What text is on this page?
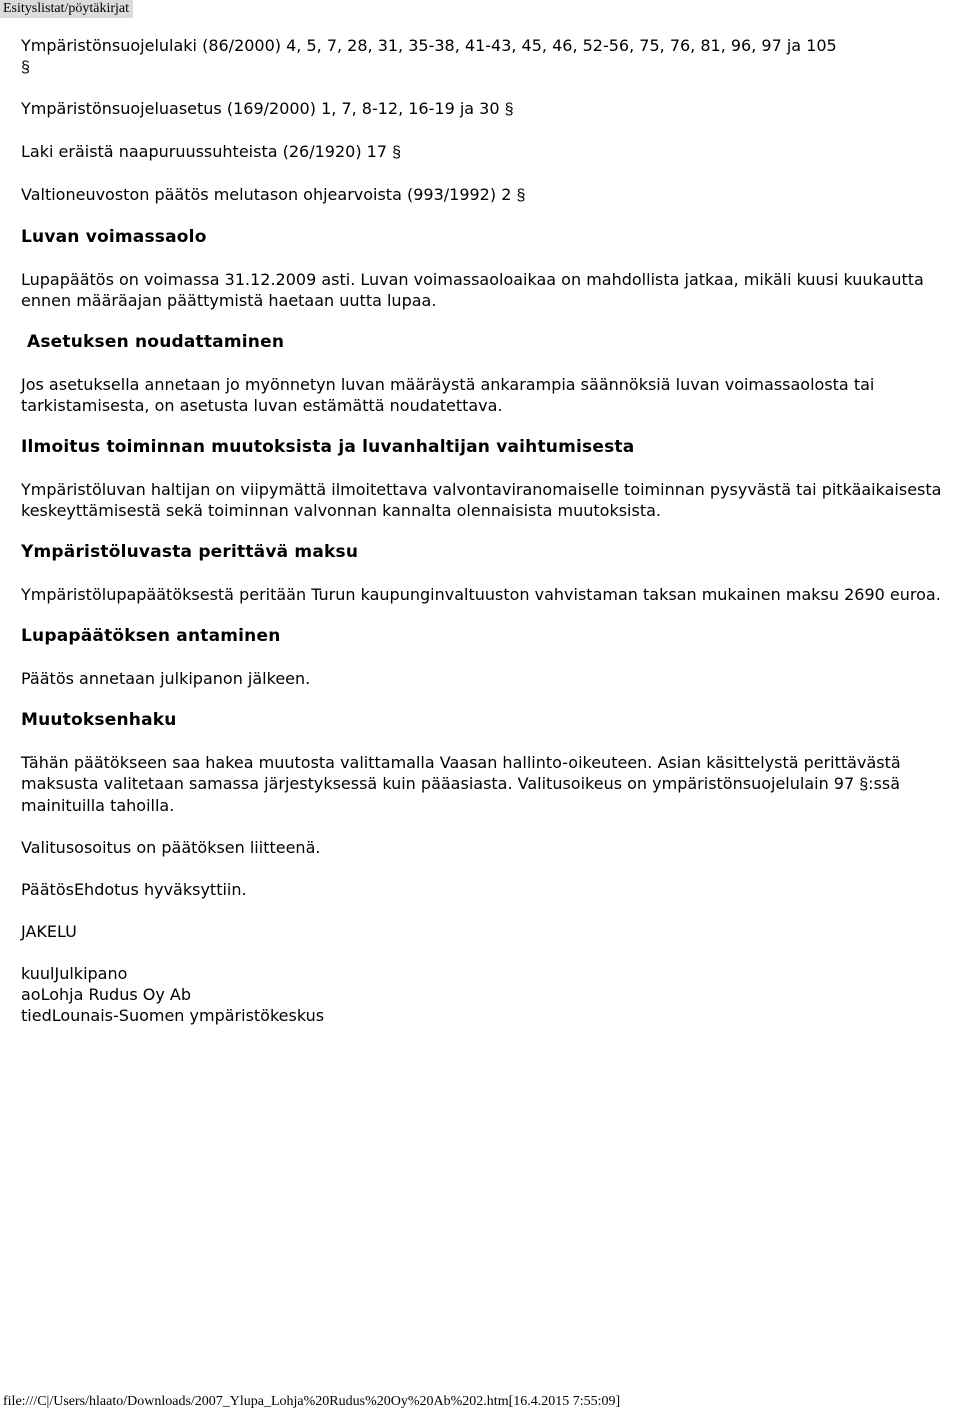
Esityslistat/pöytäkirjat
Ympäristönsuojelulaki (86/2000) 4, 5, 7, 28, 31, 35-38, 41-43, 45, 46, 52-56, 75, 76, 81, 96, 97 ja 105
§
Ympäristönsuojeluasetus (169/2000) 1, 7, 8-12, 16-19 ja 30 §
Laki eräistä naapuruussuhteista (26/1920) 17 §
Valtioneuvoston päätös melutason ohjearvoista (993/1992) 2 §
Luvan voimassaolo
Lupapäätös on voimassa 31.12.2009 asti. Luvan voimassaoloaikaa on mahdollista jatkaa, mikäli kuusi kuukautta ennen määräajan päättymistä haetaan uutta lupaa.
Asetuksen noudattaminen
Jos asetuksella annetaan jo myönnetyn luvan määräystä ankarampia säännöksiä luvan voimassaolosta tai tarkistamisesta, on asetusta luvan estämättä noudatettava.
Ilmoitus toiminnan muutoksista ja luvanhaltijan vaihtumisesta
Ympäristöluvan haltijan on viipymättä ilmoitettava valvontaviranomaiselle toiminnan pysyvästä tai pitkäaikaisesta keskeyttämisestä sekä toiminnan valvonnan kannalta olennaisista muutoksista.
Ympäristöluvasta perittävä maksu
Ympäristölupapäätöksestä peritään Turun kaupunginvaltuuston vahvistaman taksan mukainen maksu 2690 euroa.
Lupapäätöksen antaminen
Päätös annetaan julkipanon jälkeen.
Muutoksenhaku
Tähän päätökseen saa hakea muutosta valittamalla Vaasan hallinto-oikeuteen. Asian käsittelystä perittävästä maksusta valitetaan samassa järjestyksessä kuin pääasiasta. Valitusoikeus on ympäristönsuojelulain 97 §:ssä mainituilla tahoilla.
Valitusosoitus on päätöksen liitteenä.
PäätösEhdotus hyväksyttiin.
JAKELU
kuulJulkipano
aoLohja Rudus Oy Ab
tiedLounais-Suomen ympäristökeskus
file:///C|/Users/hlaato/Downloads/2007_Ylupa_Lohja%20Rudus%20Oy%20Ab%202.htm[16.4.2015 7:55:09]
